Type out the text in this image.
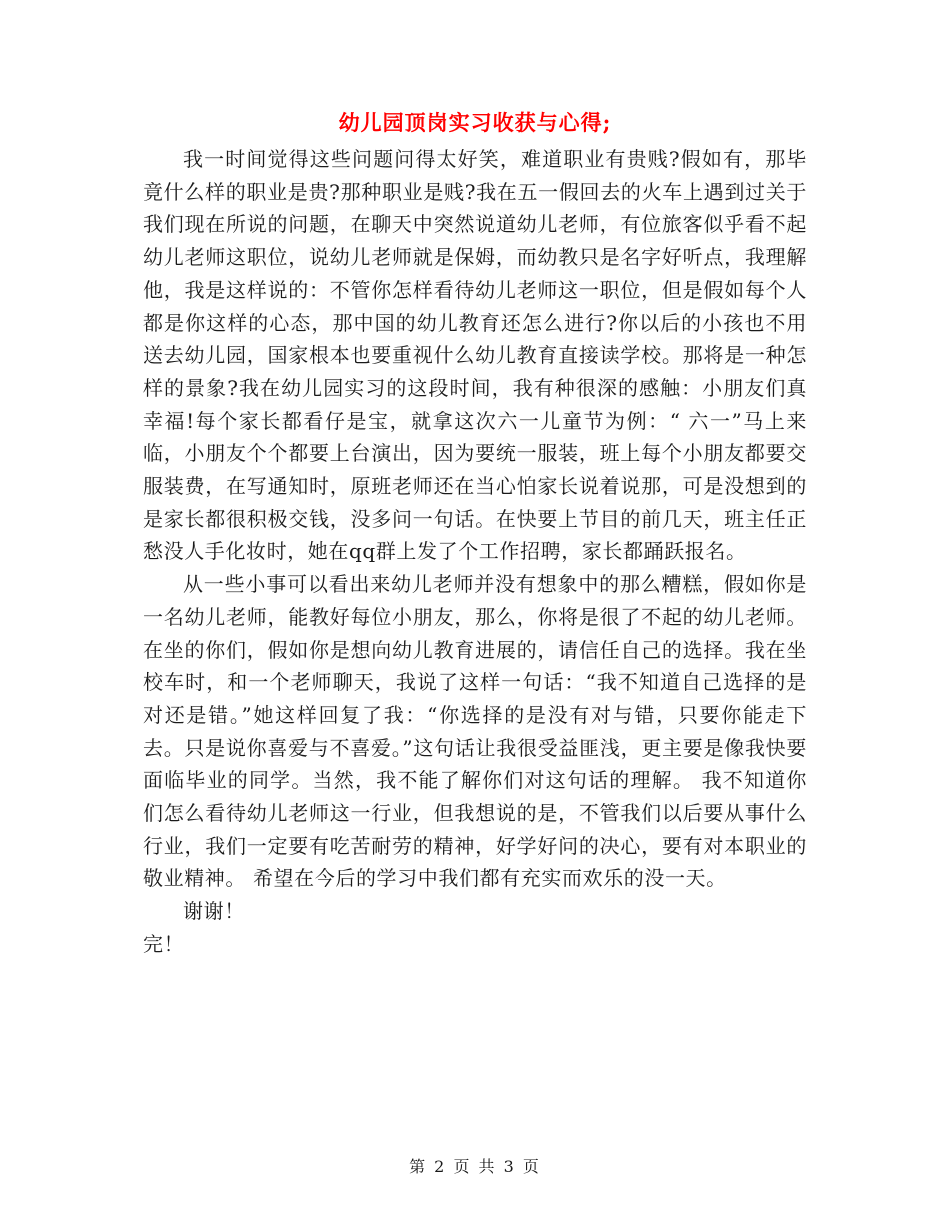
幼儿园顶岗实习收获与心得;

我一时间觉得这些问题问得太好笑，难道职业有贵贱?假如有，那毕竟什么样的职业是贵?那种职业是贱?我在五一假回去的火车上遇到过关于我们现在所说的问题，在聊天中突然说道幼儿老师，有位旅客似乎看不起幼儿老师这职位，说幼儿老师就是保姆，而幼教只是名字好听点，我理解他，我是这样说的：不管你怎样看待幼儿老师这一职位，但是假如每个人都是你这样的心态，那中国的幼儿教育还怎么进行?你以后的小孩也不用送去幼儿园，国家根本也要重视什么幼儿教育直接读学校。那将是一种怎样的景象?我在幼儿园实习的这段时间，我有种很深的感触：小朋友们真幸福!每个家长都看仔是宝，就拿这次六一儿童节为例：“ 六一”马上来临，小朋友个个都要上台演出，因为要统一服装，班上每个小朋友都要交服装费，在写通知时，原班老师还在当心怕家长说着说那，可是没想到的是家长都很积极交钱，没多问一句话。在快要上节目的前几天，班主任正愁没人手化妆时，她在qq群上发了个工作招聘，家长都踊跃报名。

从一些小事可以看出来幼儿老师并没有想象中的那么糟糕，假如你是一名幼儿老师，能教好每位小朋友，那么，你将是很了不起的幼儿老师。在坐的你们，假如你是想向幼儿教育进展的，请信任自己的选择。我在坐校车时，和一个老师聊天，我说了这样一句话：“我不知道自己选择的是对还是错。”她这样回复了我：“你选择的是没有对与错，只要你能走下去。只是说你喜爱与不喜爱。”这句话让我很受益匪浅，更主要是像我快要面临毕业的同学。当然，我不能了解你们对这句话的理解。 我不知道你们怎么看待幼儿老师这一行业，但我想说的是，不管我们以后要从事什么行业，我们一定要有吃苦耐劳的精神，好学好问的决心，要有对本职业的敬业精神。 希望在今后的学习中我们都有充实而欢乐的没一天。

谢谢！

完！

第 2 页 共 3 页
